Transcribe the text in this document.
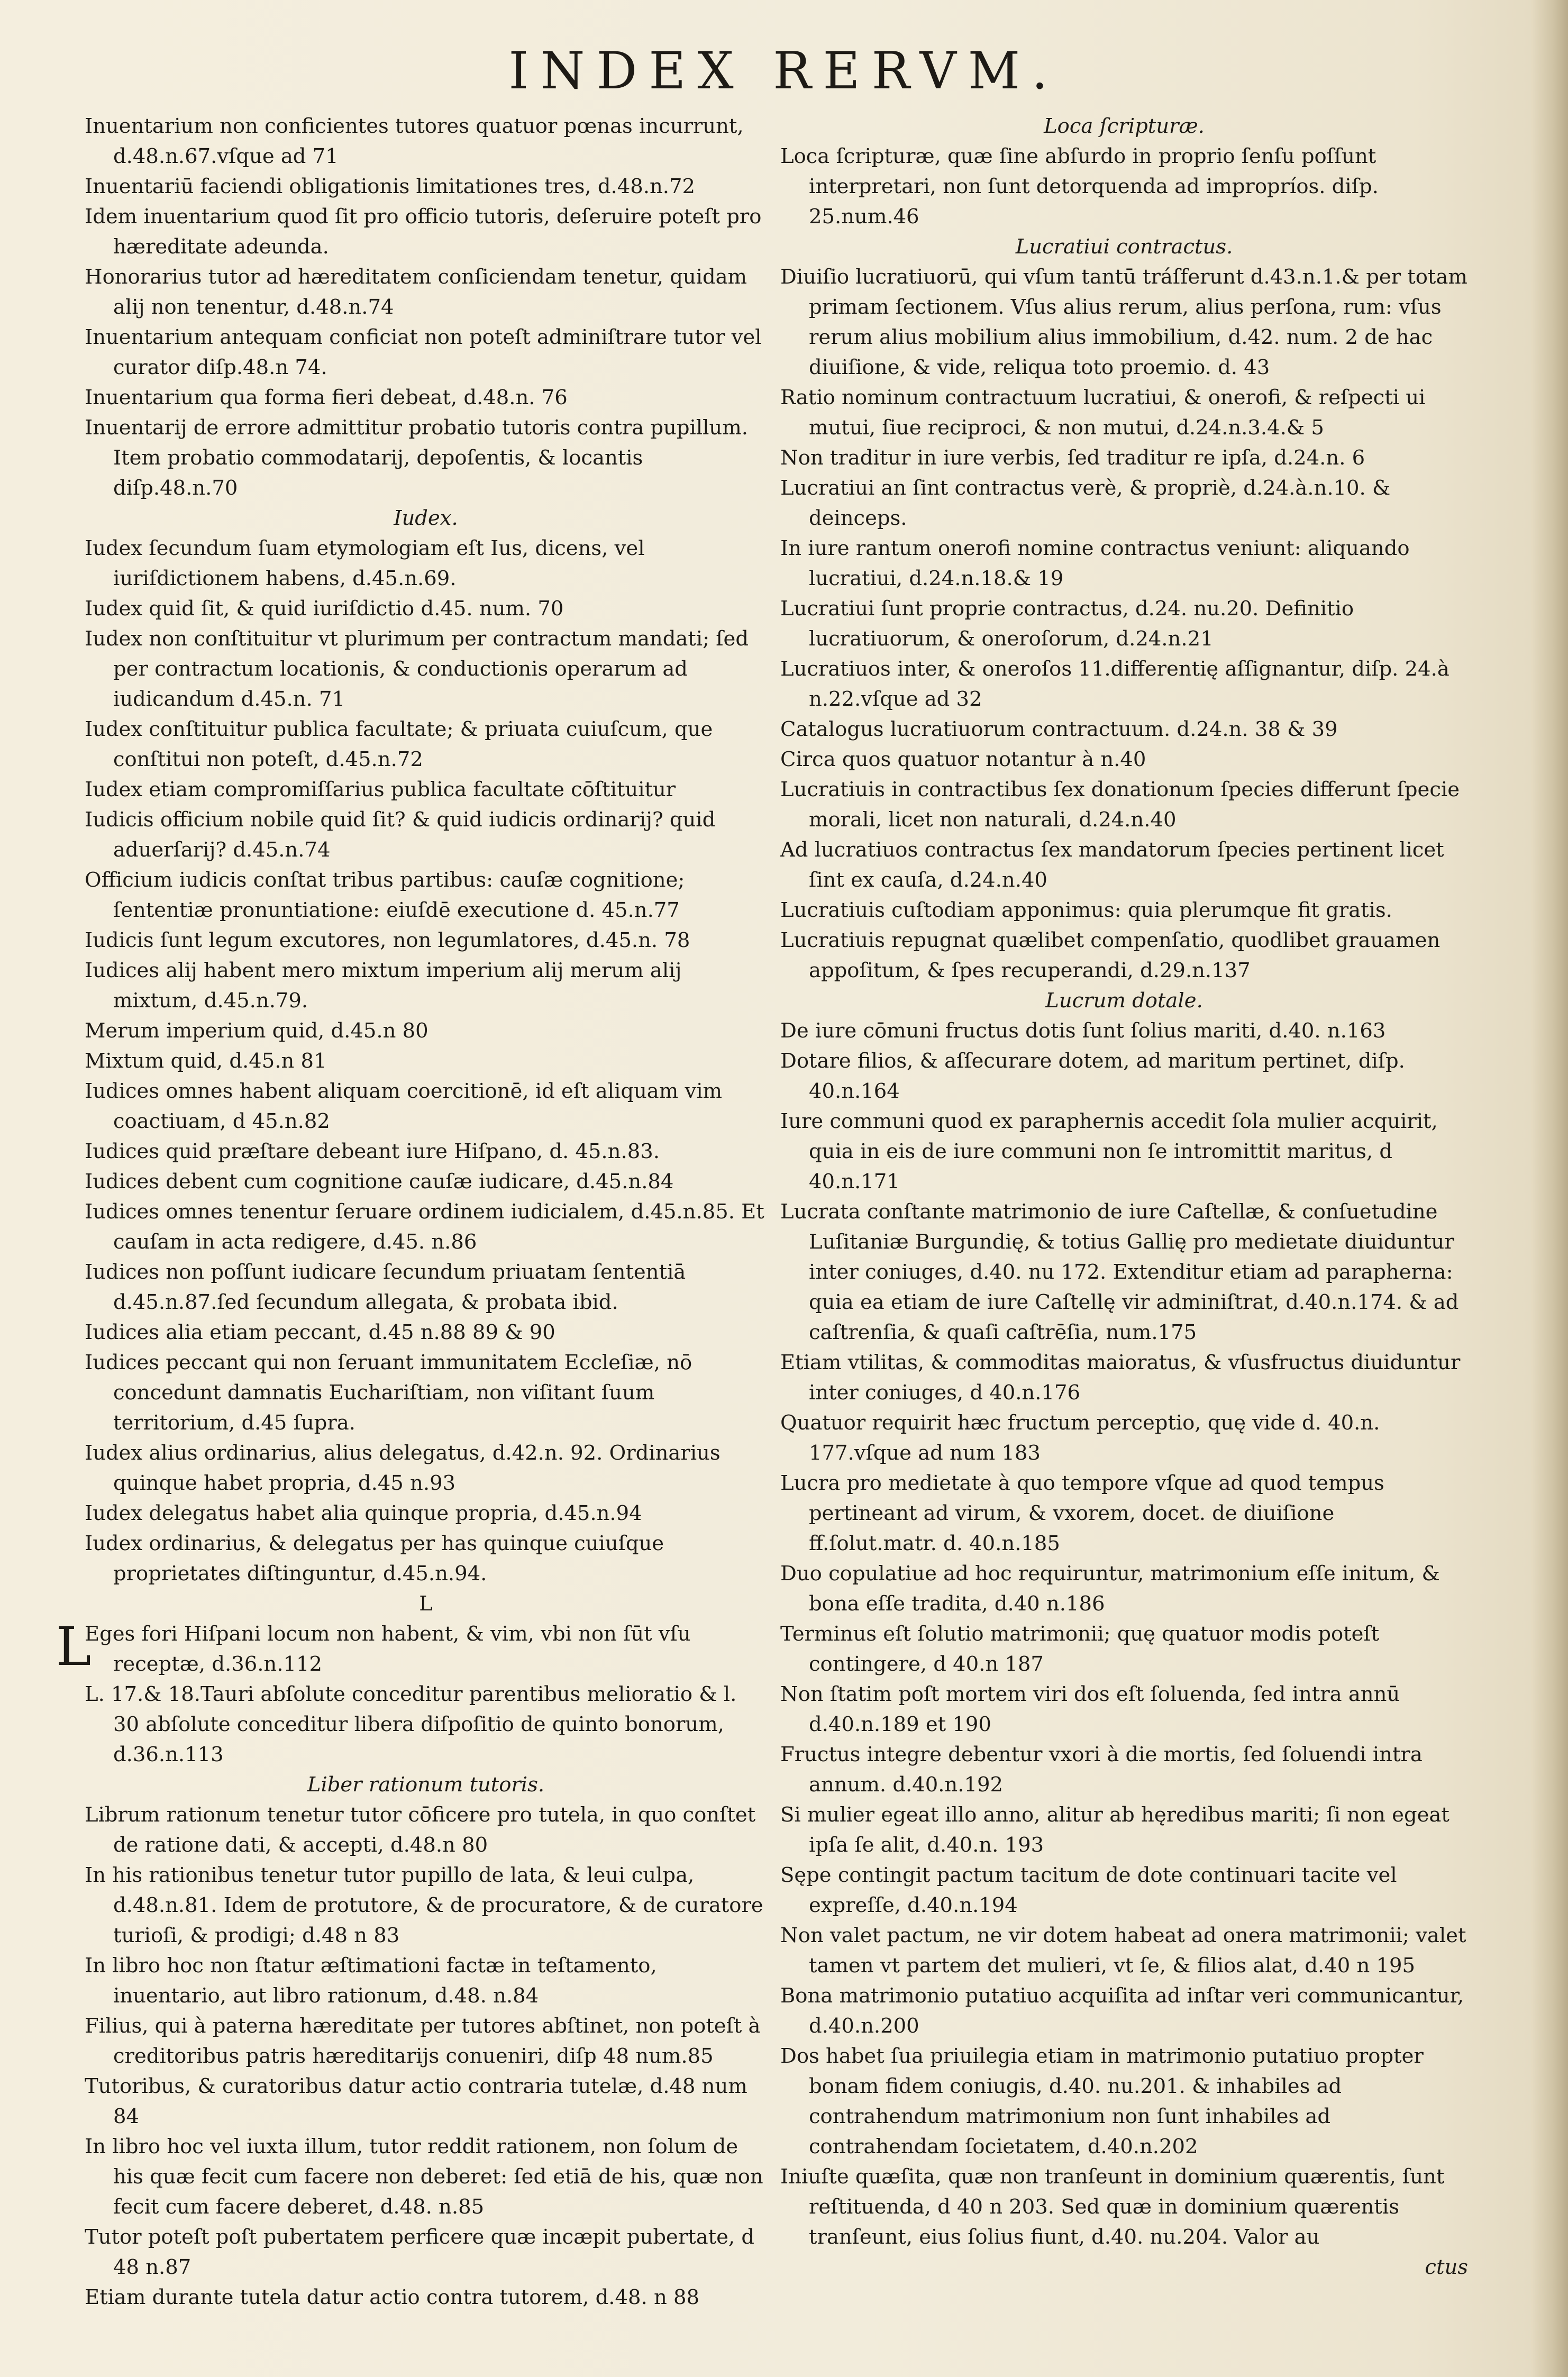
INDEX RERVM.
Inuentarium non conficientes tutores quatuor pœnas incurrunt, d.48.n.67.vſque ad 71
Inuentariū faciendi obligationis limitationes tres, d.48.n.72
Idem inuentarium quod ſit pro officio tutoris, deſeruire poteſt pro hæreditate adeunda.
Honorarius tutor ad hæreditatem conſiciendam tenetur, quidam alij non tenentur, d.48.n.74
Inuentarium antequam conficiat non poteſt adminiſtrare tutor vel curator diſp.48.n 74.
Inuentarium qua forma fieri debeat, d.48.n. 76
Inuentarij de errore admittitur probatio tutoris contra pupillum. Item probatio commodatarij, depoſentis, & locantis diſp.48.n.70
Iudex.
Iudex ſecundum ſuam etymologiam eſt Ius, dicens, vel iuriſdictionem habens, d.45.n.69.
Iudex quid ſit, & quid iuriſdictio d.45. num. 70
Iudex non conſtituitur vt plurimum per contractum mandati; ſed per contractum locationis, & conductionis operarum ad iudicandum d.45.n. 71
Iudex conſtituitur publica facultate; & priuata cuiuſcum, que conſtitui non poteſt, d.45.n.72
Iudex etiam compromiſſarius publica facultate cōſtituitur
Iudicis officium nobile quid ſit? & quid iudicis ordinarij? quid aduerſarij? d.45.n.74
Officium iudicis conſtat tribus partibus: cauſæ cognitione; ſententiæ pronuntiatione: eiuſdē executione d. 45.n.77
Iudicis ſunt legum excutores, non legumlatores, d.45.n. 78
Iudices alij habent mero mixtum imperium alij merum alij mixtum, d.45.n.79.
Merum imperium quid, d.45.n 80
Mixtum quid, d.45.n 81
Iudices omnes habent aliquam coercitionē, id eſt aliquam vim coactiuam, d 45.n.82
Iudices quid præſtare debeant iure Hiſpano, d. 45.n.83.
Iudices debent cum cognitione cauſæ iudicare, d.45.n.84
Iudices omnes tenentur ſeruare ordinem iudicialem, d.45.n.85. Et cauſam in acta redigere, d.45. n.86
Iudices non poſſunt iudicare ſecundum priuatam ſententiā d.45.n.87.ſed ſecundum allegata, & probata ibid.
Iudices alia etiam peccant, d.45 n.88 89 & 90
Iudices peccant qui non ſeruant immunitatem Eccleſiæ, nō concedunt damnatis Euchariſtiam, non viſitant ſuum territorium, d.45 ſupra.
Iudex alius ordinarius, alius delegatus, d.42.n. 92. Ordinarius quinque habet propria, d.45 n.93
Iudex delegatus habet alia quinque propria, d.45.n.94
Iudex ordinarius, & delegatus per has quinque cuiuſque proprietates diſtinguntur, d.45.n.94.
L
L
Eges fori Hiſpani locum non habent, & vim, vbi non ſūt vſu receptæ, d.36.n.112
L. 17.& 18.Tauri abſolute conceditur parentibus melioratio & l. 30 abſolute conceditur libera diſpoſitio de quinto bonorum, d.36.n.113
Liber rationum tutoris.
Librum rationum tenetur tutor cōficere pro tutela, in quo conſtet de ratione dati, & accepti, d.48.n 80
In his rationibus tenetur tutor pupillo de lata, & leui culpa, d.48.n.81. Idem de protutore, & de procuratore, & de curatore turioſi, & prodigi; d.48 n 83
In libro hoc non ſtatur æſtimationi factæ in teſtamento, inuentario, aut libro rationum, d.48. n.84
Filius, qui à paterna hæreditate per tutores abſtinet, non poteſt à creditoribus patris hæreditarijs conueniri, diſp 48 num.85
Tutoribus, & curatoribus datur actio contraria tutelæ, d.48 num 84
In libro hoc vel iuxta illum, tutor reddit rationem, non ſolum de his quæ fecit cum facere non deberet: ſed etiā de his, quæ non fecit cum facere deberet, d.48. n.85
Tutor poteſt poſt pubertatem perficere quæ incæpit pubertate, d 48 n.87
Etiam durante tutela datur actio contra tutorem, d.48. n 88
Loca ſcripturæ.
Loca ſcripturæ, quæ ſine abſurdo in proprio ſenſu poſſunt interpretari, non ſunt detorquenda ad impropríos. diſp. 25.num.46
Lucratiui contractus.
Diuiſio lucratiuorū, qui vſum tantū tráſferunt d.43.n.1.& per totam primam ſectionem. Vſus alius rerum, alius perſona, rum: vſus rerum alius mobilium alius immobilium, d.42. num. 2 de hac diuiſione, & vide, reliqua toto proemio. d. 43
Ratio nominum contractuum lucratiui, & onerofi, & reſpecti ui mutui, ſiue reciproci, & non mutui, d.24.n.3.4.& 5
Non traditur in iure verbis, ſed traditur re ipſa, d.24.n. 6
Lucratiui an ſint contractus verè, & propriè, d.24.à.n.10. & deinceps.
In iure rantum onerofi nomine contractus veniunt: aliquando lucratiui, d.24.n.18.& 19
Lucratiui ſunt proprie contractus, d.24. nu.20. Definitio lucratiuorum, & oneroſorum, d.24.n.21
Lucratiuos inter, & oneroſos 11.differentię aſſignantur, diſp. 24.à n.22.vſque ad 32
Catalogus lucratiuorum contractuum. d.24.n. 38 & 39
Circa quos quatuor notantur à n.40
Lucratiuis in contractibus ſex donationum ſpecies differunt ſpecie morali, licet non naturali, d.24.n.40
Ad lucratiuos contractus ſex mandatorum ſpecies pertinent licet ſint ex cauſa, d.24.n.40
Lucratiuis cuſtodiam apponimus: quia plerumque fit gratis.
Lucratiuis repugnat quælibet compenſatio, quodlibet grauamen appoſitum, & ſpes recuperandi, d.29.n.137
Lucrum dotale.
De iure cōmuni fructus dotis ſunt ſolius mariti, d.40. n.163
Dotare filios, & aſſecurare dotem, ad maritum pertinet, diſp. 40.n.164
Iure communi quod ex paraphernis accedit ſola mulier acquirit, quia in eis de iure communi non ſe intromittit maritus, d 40.n.171
Lucrata conſtante matrimonio de iure Caſtellæ, & conſuetudine Luſitaniæ Burgundię, & totius Gallię pro medietate diuiduntur inter coniuges, d.40. nu 172. Extenditur etiam ad parapherna: quia ea etiam de iure Caſtellę vir adminiſtrat, d.40.n.174. & ad caſtrenſia, & quaſi caſtrēſia, num.175
Etiam vtilitas, & commoditas maioratus, & vſusfructus diuiduntur inter coniuges, d 40.n.176
Quatuor requirit hæc fructum perceptio, quę vide d. 40.n. 177.vſque ad num 183
Lucra pro medietate à quo tempore vſque ad quod tempus pertineant ad virum, & vxorem, docet. de diuiſione ff.ſolut.matr. d. 40.n.185
Duo copulatiue ad hoc requiruntur, matrimonium eſſe initum, & bona eſſe tradita, d.40 n.186
Terminus eſt ſolutio matrimonii; quę quatuor modis poteſt contingere, d 40.n 187
Non ſtatim poſt mortem viri dos eſt ſoluenda, ſed intra annū d.40.n.189 et 190
Fructus integre debentur vxori à die mortis, ſed ſoluendi intra annum. d.40.n.192
Si mulier egeat illo anno, alitur ab hęredibus mariti; ſi non egeat ipſa ſe alit, d.40.n. 193
Sępe contingit pactum tacitum de dote continuari tacite vel expreſſe, d.40.n.194
Non valet pactum, ne vir dotem habeat ad onera matrimonii; valet tamen vt partem det mulieri, vt ſe, & filios alat, d.40 n 195
Bona matrimonio putatiuo acquiſita ad inſtar veri communicantur, d.40.n.200
Dos habet ſua priuilegia etiam in matrimonio putatiuo propter bonam fidem coniugis, d.40. nu.201. & inhabiles ad contrahendum matrimonium non ſunt inhabiles ad contrahendam ſocietatem, d.40.n.202
Iniuſte quæſita, quæ non tranſeunt in dominium quærentis, ſunt reſtituenda, d 40 n 203. Sed quæ in dominium quærentis tranſeunt, eius ſolius fiunt, d.40. nu.204. Valor au
ctus
